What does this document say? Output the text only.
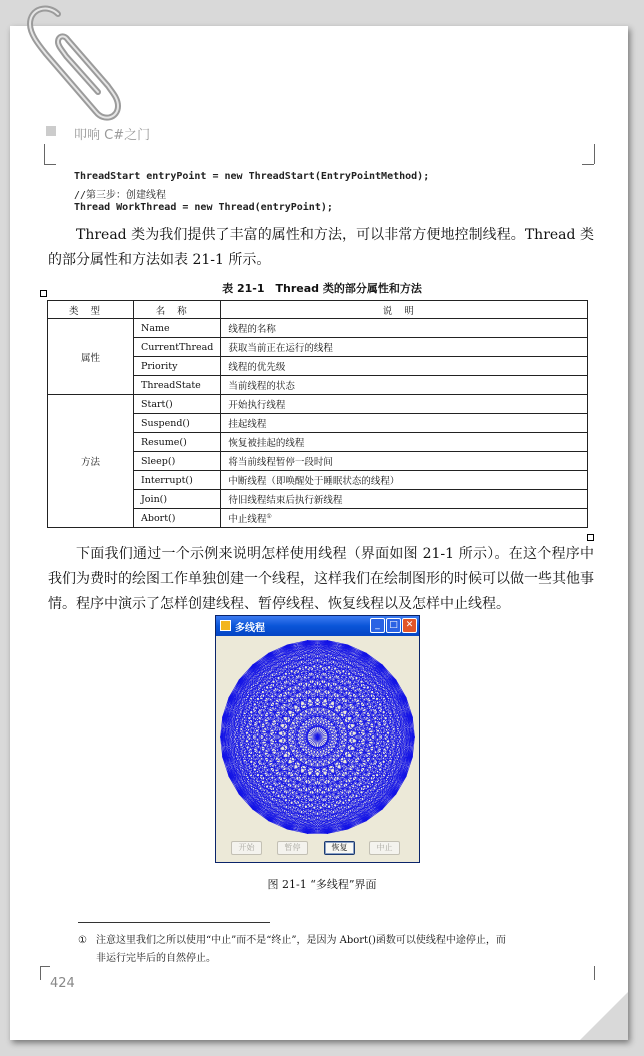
叩响 C#之门
ThreadStart entryPoint = new ThreadStart(EntryPointMethod);
//第三步：创建线程
Thread WorkThread = new Thread(entryPoint);
Thread 类为我们提供了丰富的属性和方法，可以非常方便地控制线程。Thread 类的部分属性和方法如表 21-1 所示。
表 21-1　Thread 类的部分属性和方法
类型	名称	说明
属性	Name	线程的名称
	CurrentThread	获取当前正在运行的线程
	Priority	线程的优先级
	ThreadState	当前线程的状态
方法	Start()	开始执行线程
	Suspend()	挂起线程
	Resume()	恢复被挂起的线程
	Sleep()	将当前线程暂停一段时间
	Interrupt()	中断线程（即唤醒处于睡眠状态的线程）
	Join()	待旧线程结束后执行新线程
	Abort()	中止线程①
下面我们通过一个示例来说明怎样使用线程（界面如图 21-1 所示）。在这个程序中我们为费时的绘图工作单独创建一个线程，这样我们在绘制图形的时候可以做一些其他事情。程序中演示了怎样创建线程、暂停线程、恢复线程以及怎样中止线程。
多线程	_	□ ✕
开始	暂停	恢复	中止
图 21-1 “多线程”界面
① 注意这里我们之所以使用“中止”而不是“终止”，是因为 Abort()函数可以使线程中途停止，而
非运行完毕后的自然停止。
424
